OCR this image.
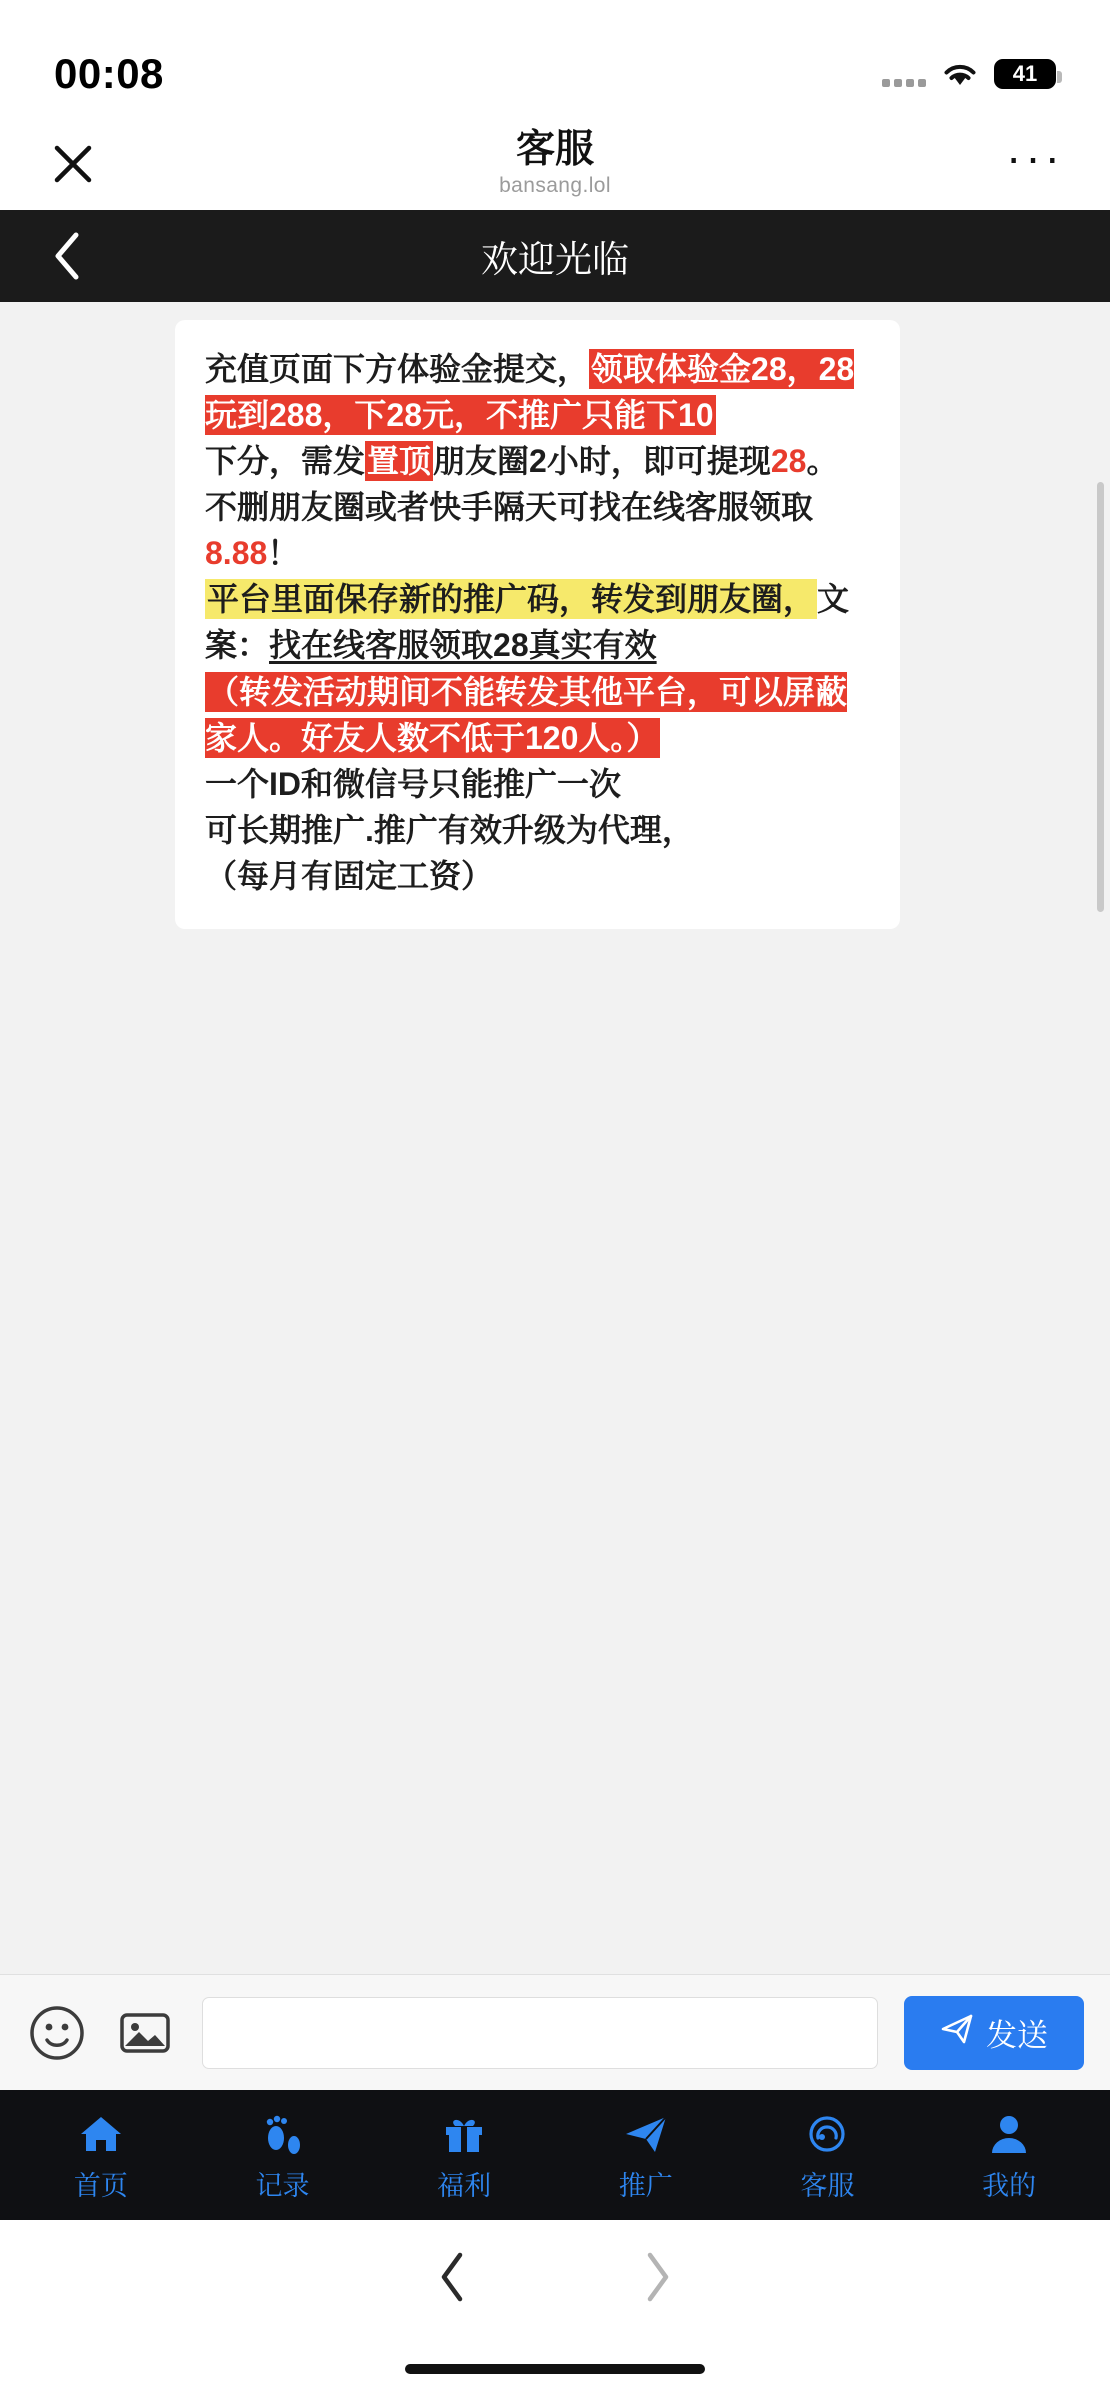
00:08	41
客服
bansang.lol
···
欢迎光临

充值页面下方体验金提交，领取体验金28，28玩到288，下28元，不推广只能下10

下分，需发置顶朋友圈2小时，即可提现28。

不删朋友圈或者快手隔天可找在线客服领取8.88！

平台里面保存新的推广码，转发到朋友圈，文案：找在线客服领取28真实有效

（转发活动期间不能转发其他平台，可以屏蔽家人。好友人数不低于120人。）

一个ID和微信号只能推广一次

可长期推广.推广有效升级为代理，

（每月有固定工资）

发送
首页	记录	福利	推广	客服	我的
